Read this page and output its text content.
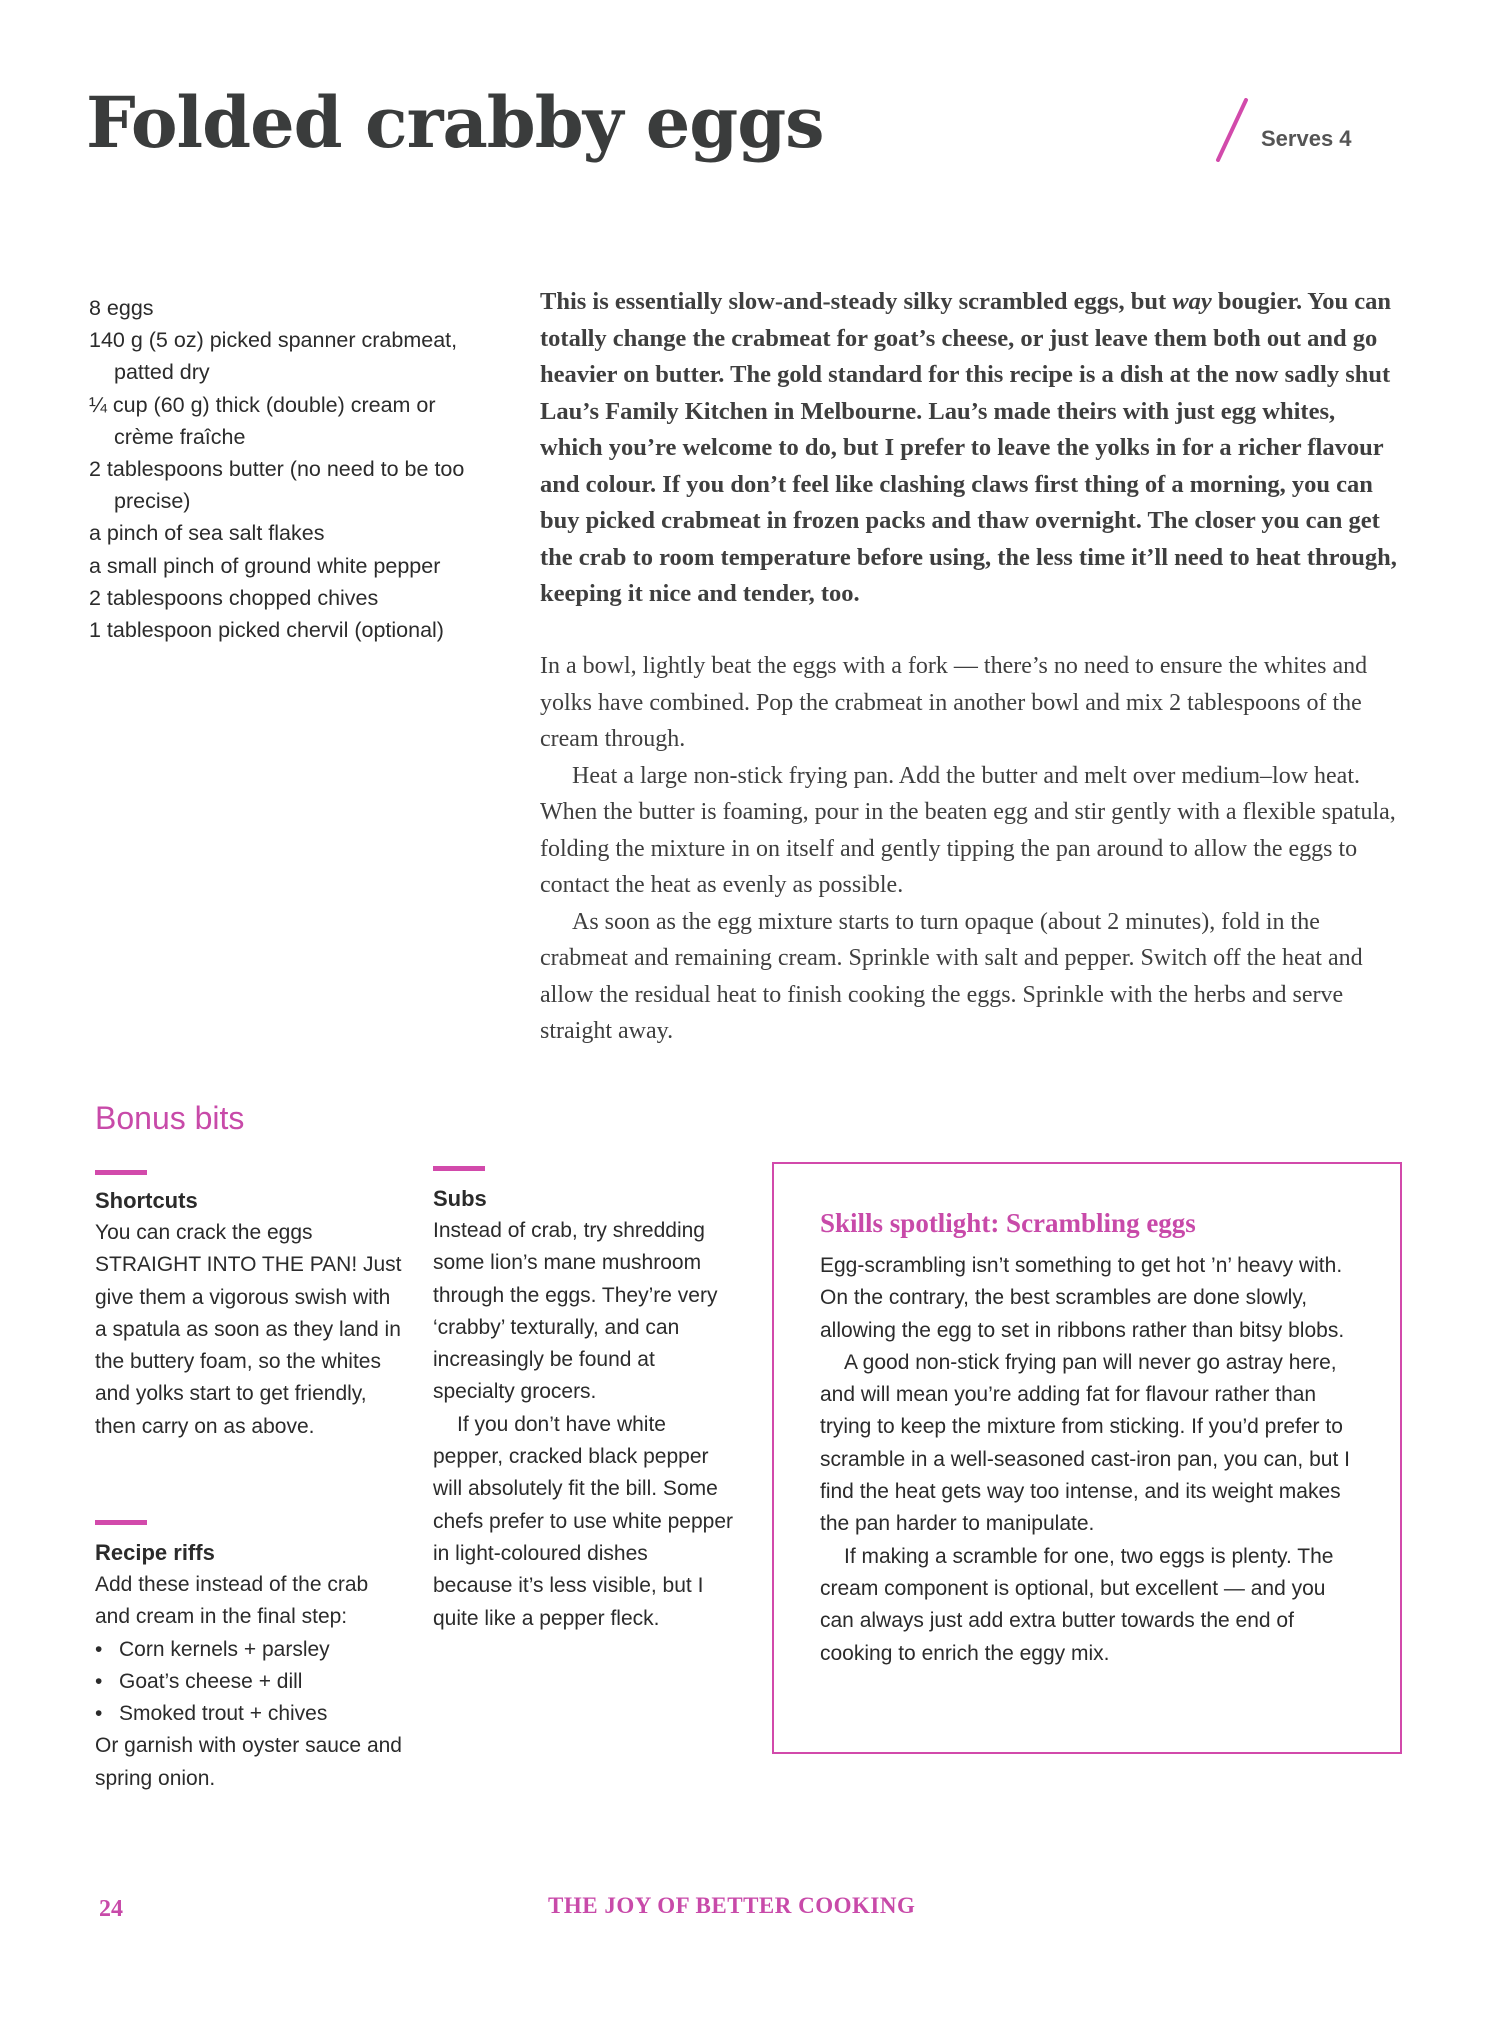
Folded crabby eggs	Serves 4
8 eggs
140 g (5 oz) picked spanner crabmeat, patted dry
¼ cup (60 g) thick (double) cream or crème fraîche
2 tablespoons butter (no need to be too precise)
a pinch of sea salt flakes
a small pinch of ground white pepper
2 tablespoons chopped chives
1 tablespoon picked chervil (optional)

This is essentially slow-and-steady silky scrambled eggs, but way bougier. You can totally change the crabmeat for goat’s cheese, or just leave them both out and go heavier on butter. The gold standard for this recipe is a dish at the now sadly shut Lau’s Family Kitchen in Melbourne. Lau’s made theirs with just egg whites, which you’re welcome to do, but I prefer to leave the yolks in for a richer flavour and colour. If you don’t feel like clashing claws first thing of a morning, you can buy picked crabmeat in frozen packs and thaw overnight. The closer you can get the crab to room temperature before using, the less time it’ll need to heat through, keeping it nice and tender, too.

In a bowl, lightly beat the eggs with a fork — there’s no need to ensure the whites and yolks have combined. Pop the crabmeat in another bowl and mix 2 tablespoons of the cream through.

Heat a large non-stick frying pan. Add the butter and melt over medium–low heat. When the butter is foaming, pour in the beaten egg and stir gently with a flexible spatula, folding the mixture in on itself and gently tipping the pan around to allow the eggs to contact the heat as evenly as possible.

As soon as the egg mixture starts to turn opaque (about 2 minutes), fold in the crabmeat and remaining cream. Sprinkle with salt and pepper. Switch off the heat and allow the residual heat to finish cooking the eggs. Sprinkle with the herbs and serve straight away.

Bonus bits
Shortcuts

You can crack the eggs STRAIGHT INTO THE PAN! Just give them a vigorous swish with a spatula as soon as they land in the buttery foam, so the whites and yolks start to get friendly, then carry on as above.

Recipe riffs

Add these instead of the crab and cream in the final step:

• Corn kernels + parsley
• Goat’s cheese + dill
• Smoked trout + chives

Or garnish with oyster sauce and spring onion.

Subs

Instead of crab, try shredding some lion’s mane mushroom through the eggs. They’re very ‘crabby’ texturally, and can increasingly be found at specialty grocers.

If you don’t have white pepper, cracked black pepper will absolutely fit the bill. Some chefs prefer to use white pepper in light-coloured dishes because it’s less visible, but I quite like a pepper fleck.

Skills spotlight: Scrambling eggs

Egg-scrambling isn’t something to get hot ’n’ heavy with. On the contrary, the best scrambles are done slowly, allowing the egg to set in ribbons rather than bitsy blobs.

A good non-stick frying pan will never go astray here, and will mean you’re adding fat for flavour rather than trying to keep the mixture from sticking. If you’d prefer to scramble in a well-seasoned cast-iron pan, you can, but I find the heat gets way too intense, and its weight makes the pan harder to manipulate.

If making a scramble for one, two eggs is plenty. The cream component is optional, but excellent — and you can always just add extra butter towards the end of cooking to enrich the eggy mix.

24	THE JOY OF BETTER COOKING
